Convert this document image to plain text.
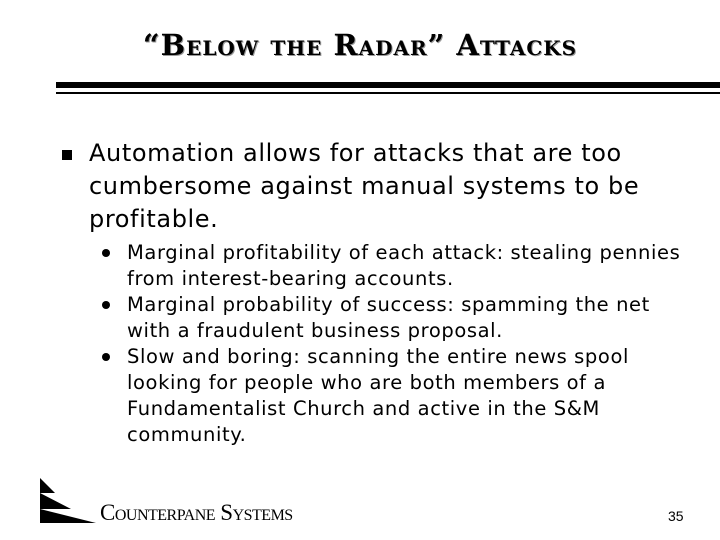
“Below the Radar” Attacks
Automation allows for attacks that are too cumbersome against manual systems to be profitable.
Marginal profitability of each attack: stealing pennies from interest-bearing accounts.
Marginal probability of success: spamming the net with a fraudulent business proposal.
Slow and boring: scanning the entire news spool looking for people who are both members of a Fundamentalist Church and active in the S&M community.
Counterpane Systems	35
